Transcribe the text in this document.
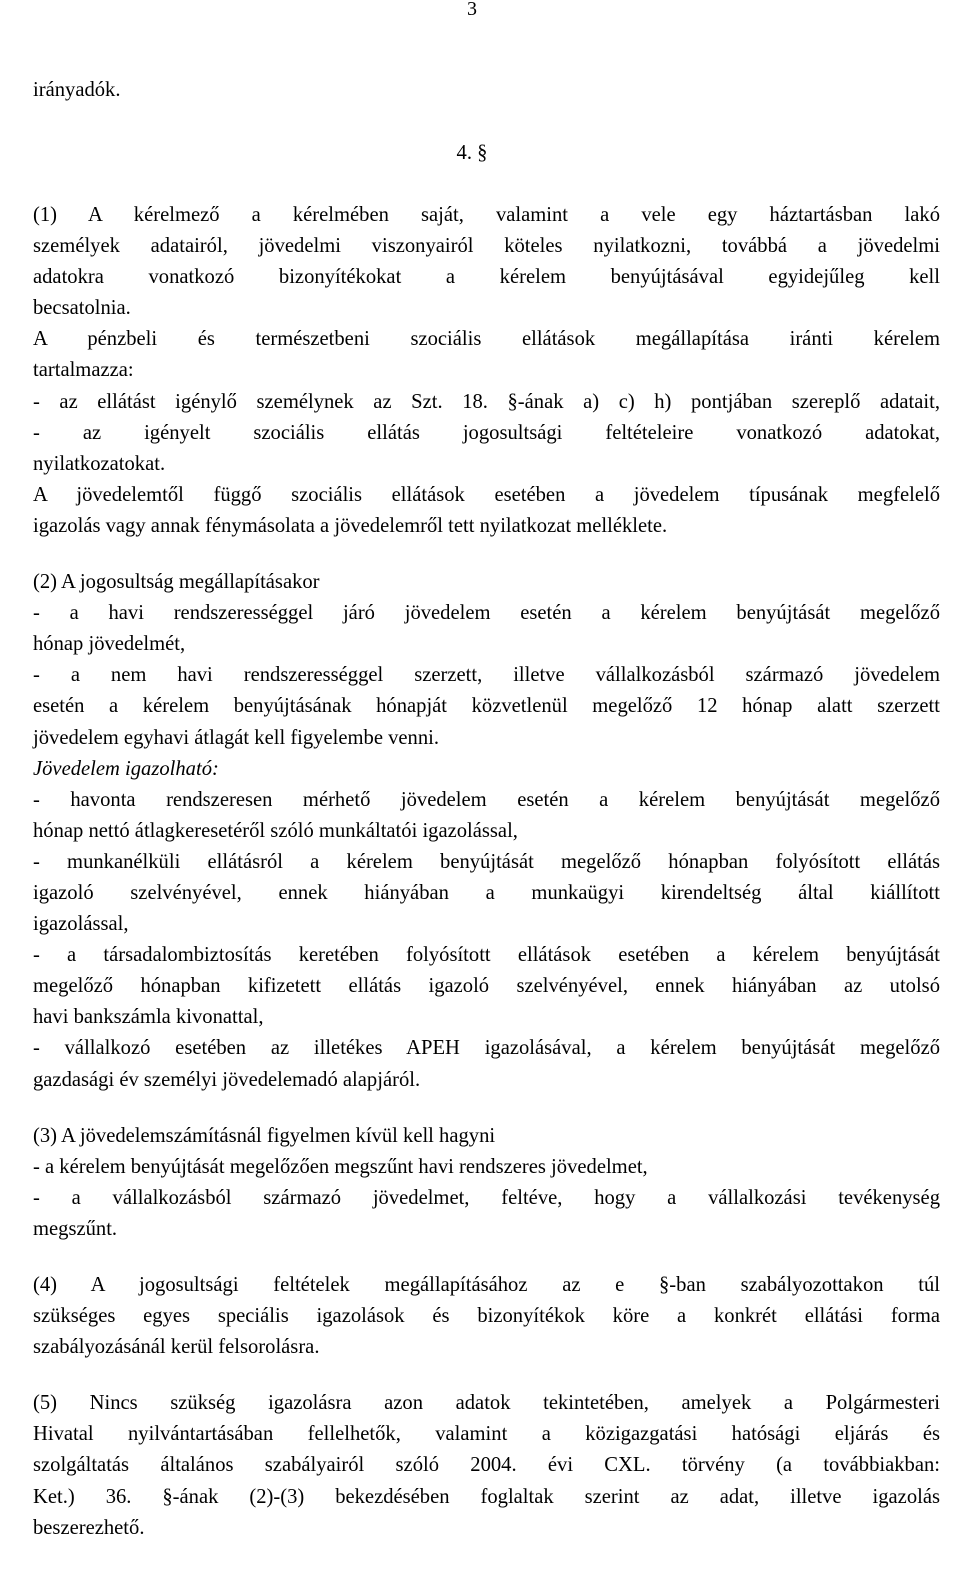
3
irányadók.
4. §
(1) A kérelmező a kérelmében saját, valamint a vele egy háztartásban lakó
személyek adatairól, jövedelmi viszonyairól köteles nyilatkozni, továbbá a jövedelmi
adatokra vonatkozó bizonyítékokat a kérelem benyújtásával egyidejűleg kell
becsatolnia.
A pénzbeli és természetbeni szociális ellátások megállapítása iránti kérelem
tartalmazza:
- az ellátást igénylő személynek az Szt. 18. §-ának a) c) h) pontjában szereplő adatait,
- az igényelt szociális ellátás jogosultsági feltételeire vonatkozó adatokat,
nyilatkozatokat.
A jövedelemtől függő szociális ellátások esetében a jövedelem típusának megfelelő
igazolás vagy annak fénymásolata a jövedelemről tett nyilatkozat melléklete.
(2) A jogosultság megállapításakor
- a havi rendszerességgel járó jövedelem esetén a kérelem benyújtását megelőző
hónap jövedelmét,
- a nem havi rendszerességgel szerzett, illetve vállalkozásból származó jövedelem
esetén a kérelem benyújtásának hónapját közvetlenül megelőző 12 hónap alatt szerzett
jövedelem egyhavi átlagát kell figyelembe venni.
Jövedelem igazolható:
- havonta rendszeresen mérhető jövedelem esetén a kérelem benyújtását megelőző
hónap nettó átlagkeresetéről szóló munkáltatói igazolással,
- munkanélküli ellátásról a kérelem benyújtását megelőző hónapban folyósított ellátás
igazoló szelvényével, ennek hiányában a munkaügyi kirendeltség által kiállított
igazolással,
- a társadalombiztosítás keretében folyósított ellátások esetében a kérelem benyújtását
megelőző hónapban kifizetett ellátás igazoló szelvényével, ennek hiányában az utolsó
havi bankszámla kivonattal,
- vállalkozó esetében az illetékes APEH igazolásával, a kérelem benyújtását megelőző
gazdasági év személyi jövedelemadó alapjáról.
(3) A jövedelemszámításnál figyelmen kívül kell hagyni
- a kérelem benyújtását megelőzően megszűnt havi rendszeres jövedelmet,
- a vállalkozásból származó jövedelmet, feltéve, hogy a vállalkozási tevékenység
megszűnt.
(4) A jogosultsági feltételek megállapításához az e §-ban szabályozottakon túl
szükséges egyes speciális igazolások és bizonyítékok köre a konkrét ellátási forma
szabályozásánál kerül felsorolásra.
(5) Nincs szükség igazolásra azon adatok tekintetében, amelyek a Polgármesteri
Hivatal nyilvántartásában fellelhetők, valamint a közigazgatási hatósági eljárás és
szolgáltatás általános szabályairól szóló 2004. évi CXL. törvény (a továbbiakban:
Ket.) 36. §-ának (2)-(3) bekezdésében foglaltak szerint az adat, illetve igazolás
beszerezhető.
